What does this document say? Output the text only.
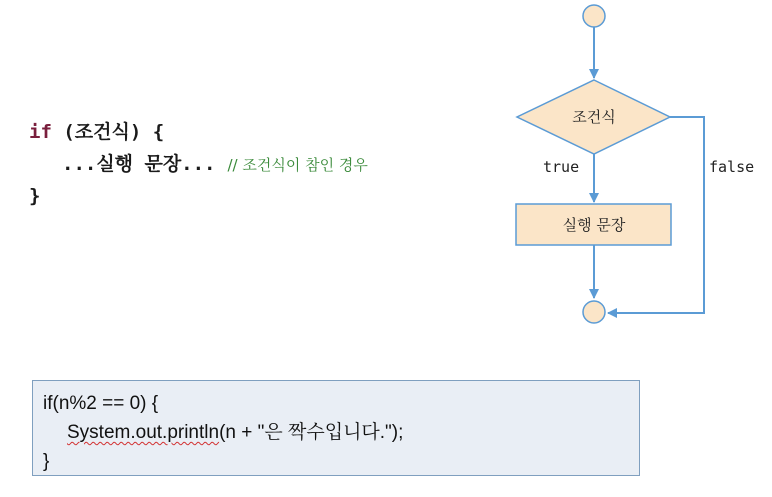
if (조건식) {
...실행 문장... // 조건식이 참인 경우
}
조건식
true
실행 문장
false
if(n%2 == 0) {
System.out.println(n + "은 짝수입니다.");
}
